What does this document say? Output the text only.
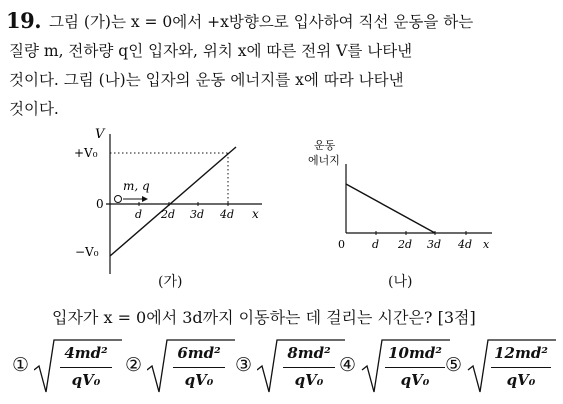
19. 그림 (가)는 x = 0에서 +x방향으로 입사하여 직선 운동을 하는
질량 m, 전하량 q인 입자와, 위치 x에 따른 전위 V를 나타낸
것이다. 그림 (나)는 입자의 운동 에너지를 x에 따라 나타낸
것이다.
V
+V₀
0
−V₀
m, q
d 2d 3d 4d x
(가)
운동
에너지
0 d 2d 3d 4d x
(나)
입자가 x = 0에서 3d까지 이동하는 데 걸리는 시간은? [3점]
①
4md²
qV₀
②
6md²
qV₀
③
8md²
qV₀
④
10md²
qV₀
⑤
12md²
qV₀
